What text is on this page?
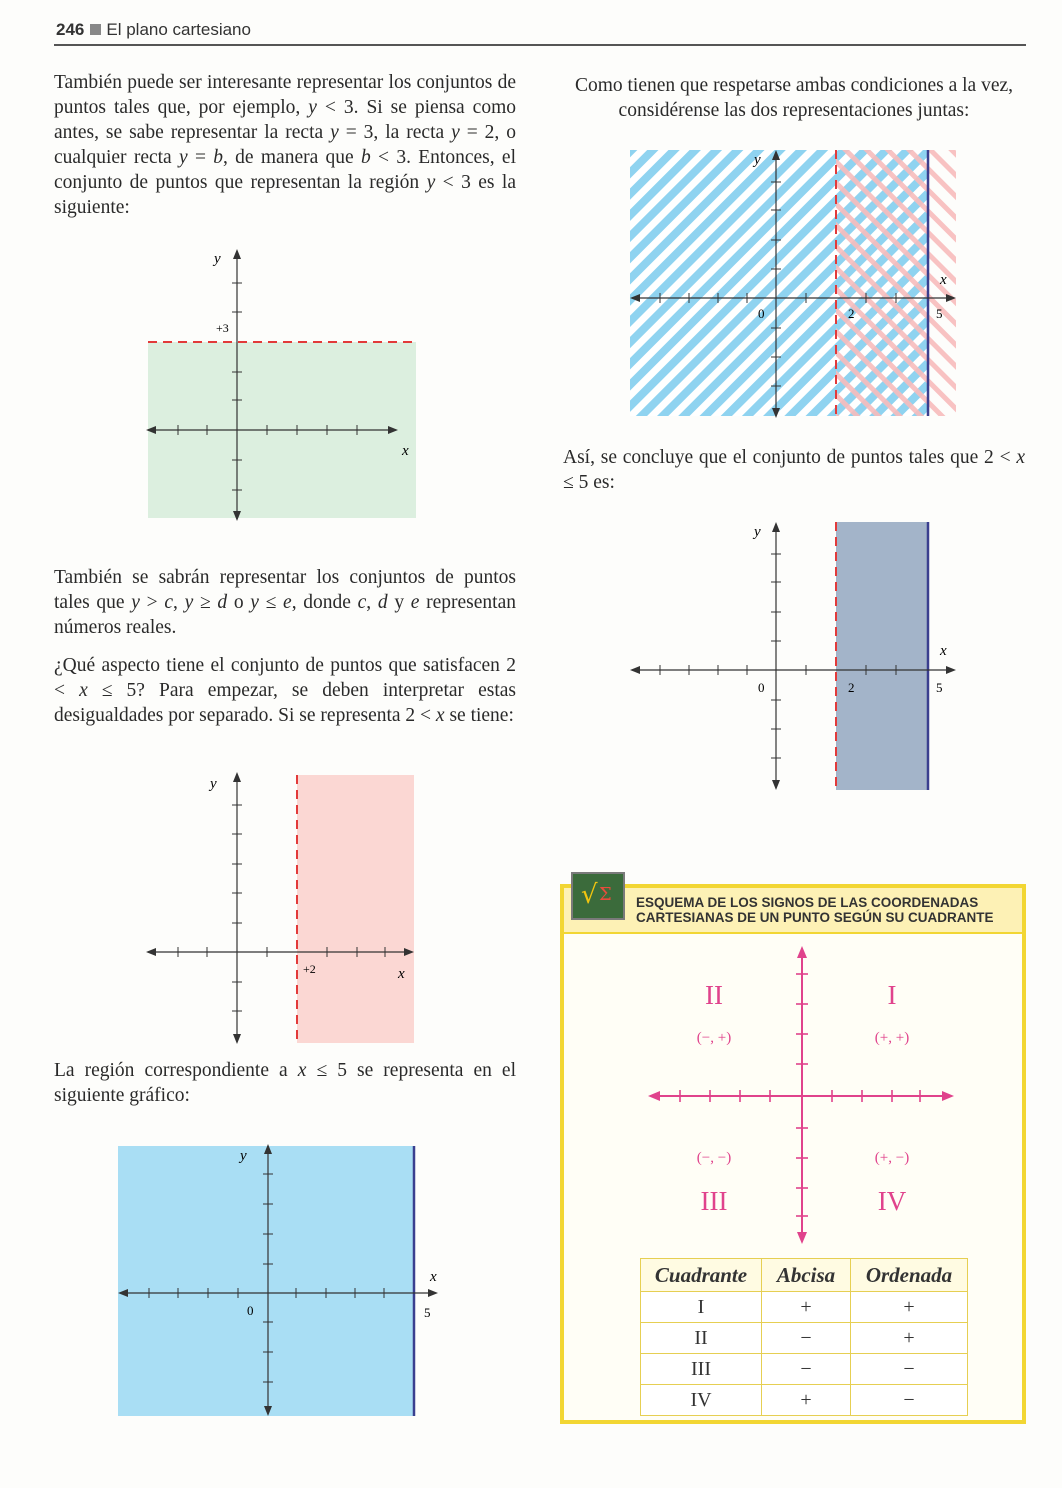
246 El plano cartesiano
También puede ser interesante representar los conjuntos de puntos tales que, por ejemplo, y < 3. Si se piensa como antes, se sabe representar la recta y = 3, la recta y = 2, o cualquier recta y = b, de manera que b < 3. Entonces, el conjunto de puntos que representan la región y < 3 es la siguiente:
y
+3
x
También se sabrán representar los conjuntos de puntos tales que y > c, y ≥ d o y ≤ e, donde c, d y e representan números reales.
¿Qué aspecto tiene el conjunto de puntos que satisfacen 2 < x ≤ 5? Para empezar, se deben interpretar estas desigualdades por separado. Si se representa 2 < x se tiene:
y
+2	x
La región correspondiente a x ≤ 5 se representa en el siguiente gráfico:
y
x
0	5
Como tienen que respetarse ambas condiciones a la vez, considérense las dos representaciones juntas:
y
x
0	2	5
Así, se concluye que el conjunto de puntos tales que 2 < x ≤ 5 es:
y
x
0	2	5
ESQUEMA DE LOS SIGNOS DE LAS COORDENADAS
CARTESIANAS DE UN PUNTO SEGÚN SU CUADRANTE
√ Σ
II
(−, +)
I
(+, +)
III
(−, −)
IV
(+, −)
Cuadrante	Abcisa	Ordenada
I	+	+
II	−	+
III	−	−
IV	+	−
